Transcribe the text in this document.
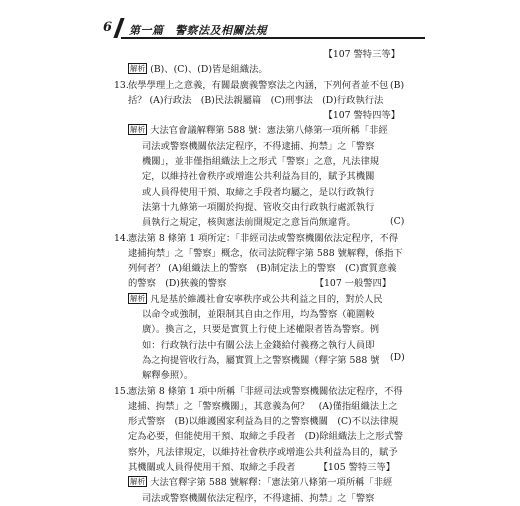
6 第一篇　警察法及相關法規
【107 警特三等】
解析 (B)、(C)、(D)皆是組織法。
13. 依學學理上之意義，有關最廣義警察法之內涵，下列何者並不包
括？ (A)行政法　(B)民法親屬篇　(C)刑事法　(D)行政執行法
【107 警特四等】
解析 大法官會議解釋第 588 號：憲法第八條第一項所稱「非經
司法或警察機關依法定程序，不得逮捕、拘禁」之「警察
機關」，並非僅指組織法上之形式「警察」之意，凡法律規
定，以維持社會秩序或增進公共利益為目的，賦予其機關
或人員得使用干預、取締之手段者均屬之，是以行政執行
法第十九條第一項關於拘提、管收交由行政執行處派執行
員執行之規定，核與憲法前開規定之意旨尚無違背。
14. 憲法第 8 條第 1 項所定：「非經司法或警察機關依法定程序，不得
逮捕拘禁」之「警察」概念，依司法院釋字第 588 號解釋，係指下
列何者？ (A)組織法上的警察　(B)制定法上的警察　(C)實質意義
的警察　(D)狹義的警察　　　　　　　　　　【107 一般警四】
解析 凡是基於維護社會安寧秩序或公共利益之目的，對於人民
以命令或強制，並限制其自由之作用，均為警察（範圍較
廣）。換言之，只要是實質上行使上述權限者皆為警察。例
如：行政執行法中有關公法上金錢給付義務之執行人員即
為之拘提管收行為，屬實質上之警察機關（釋字第 588 號
解釋參照）。
15. 憲法第 8 條第 1 項中所稱「非經司法或警察機關依法定程序，不得
逮捕、拘禁」之「警察機關」，其意義為何？　(A)僅指組織法上之
形式警察　(B)以維護國家利益為目的之警察機關　(C)不以法律規
定為必要，但能使用干預、取締之手段者　(D)除組織法上之形式警
察外，凡法律規定，以維持社會秩序或增進公共利益為目的，賦予
其機關或人員得使用干預、取締之手段者　　　【105 警特三等】
解析 大法官釋字第 588 號解釋：「憲法第八條第一項所稱「非經
司法或警察機關依法定程序，不得逮捕、拘禁」之「警察
(B)
(C)
(D)
